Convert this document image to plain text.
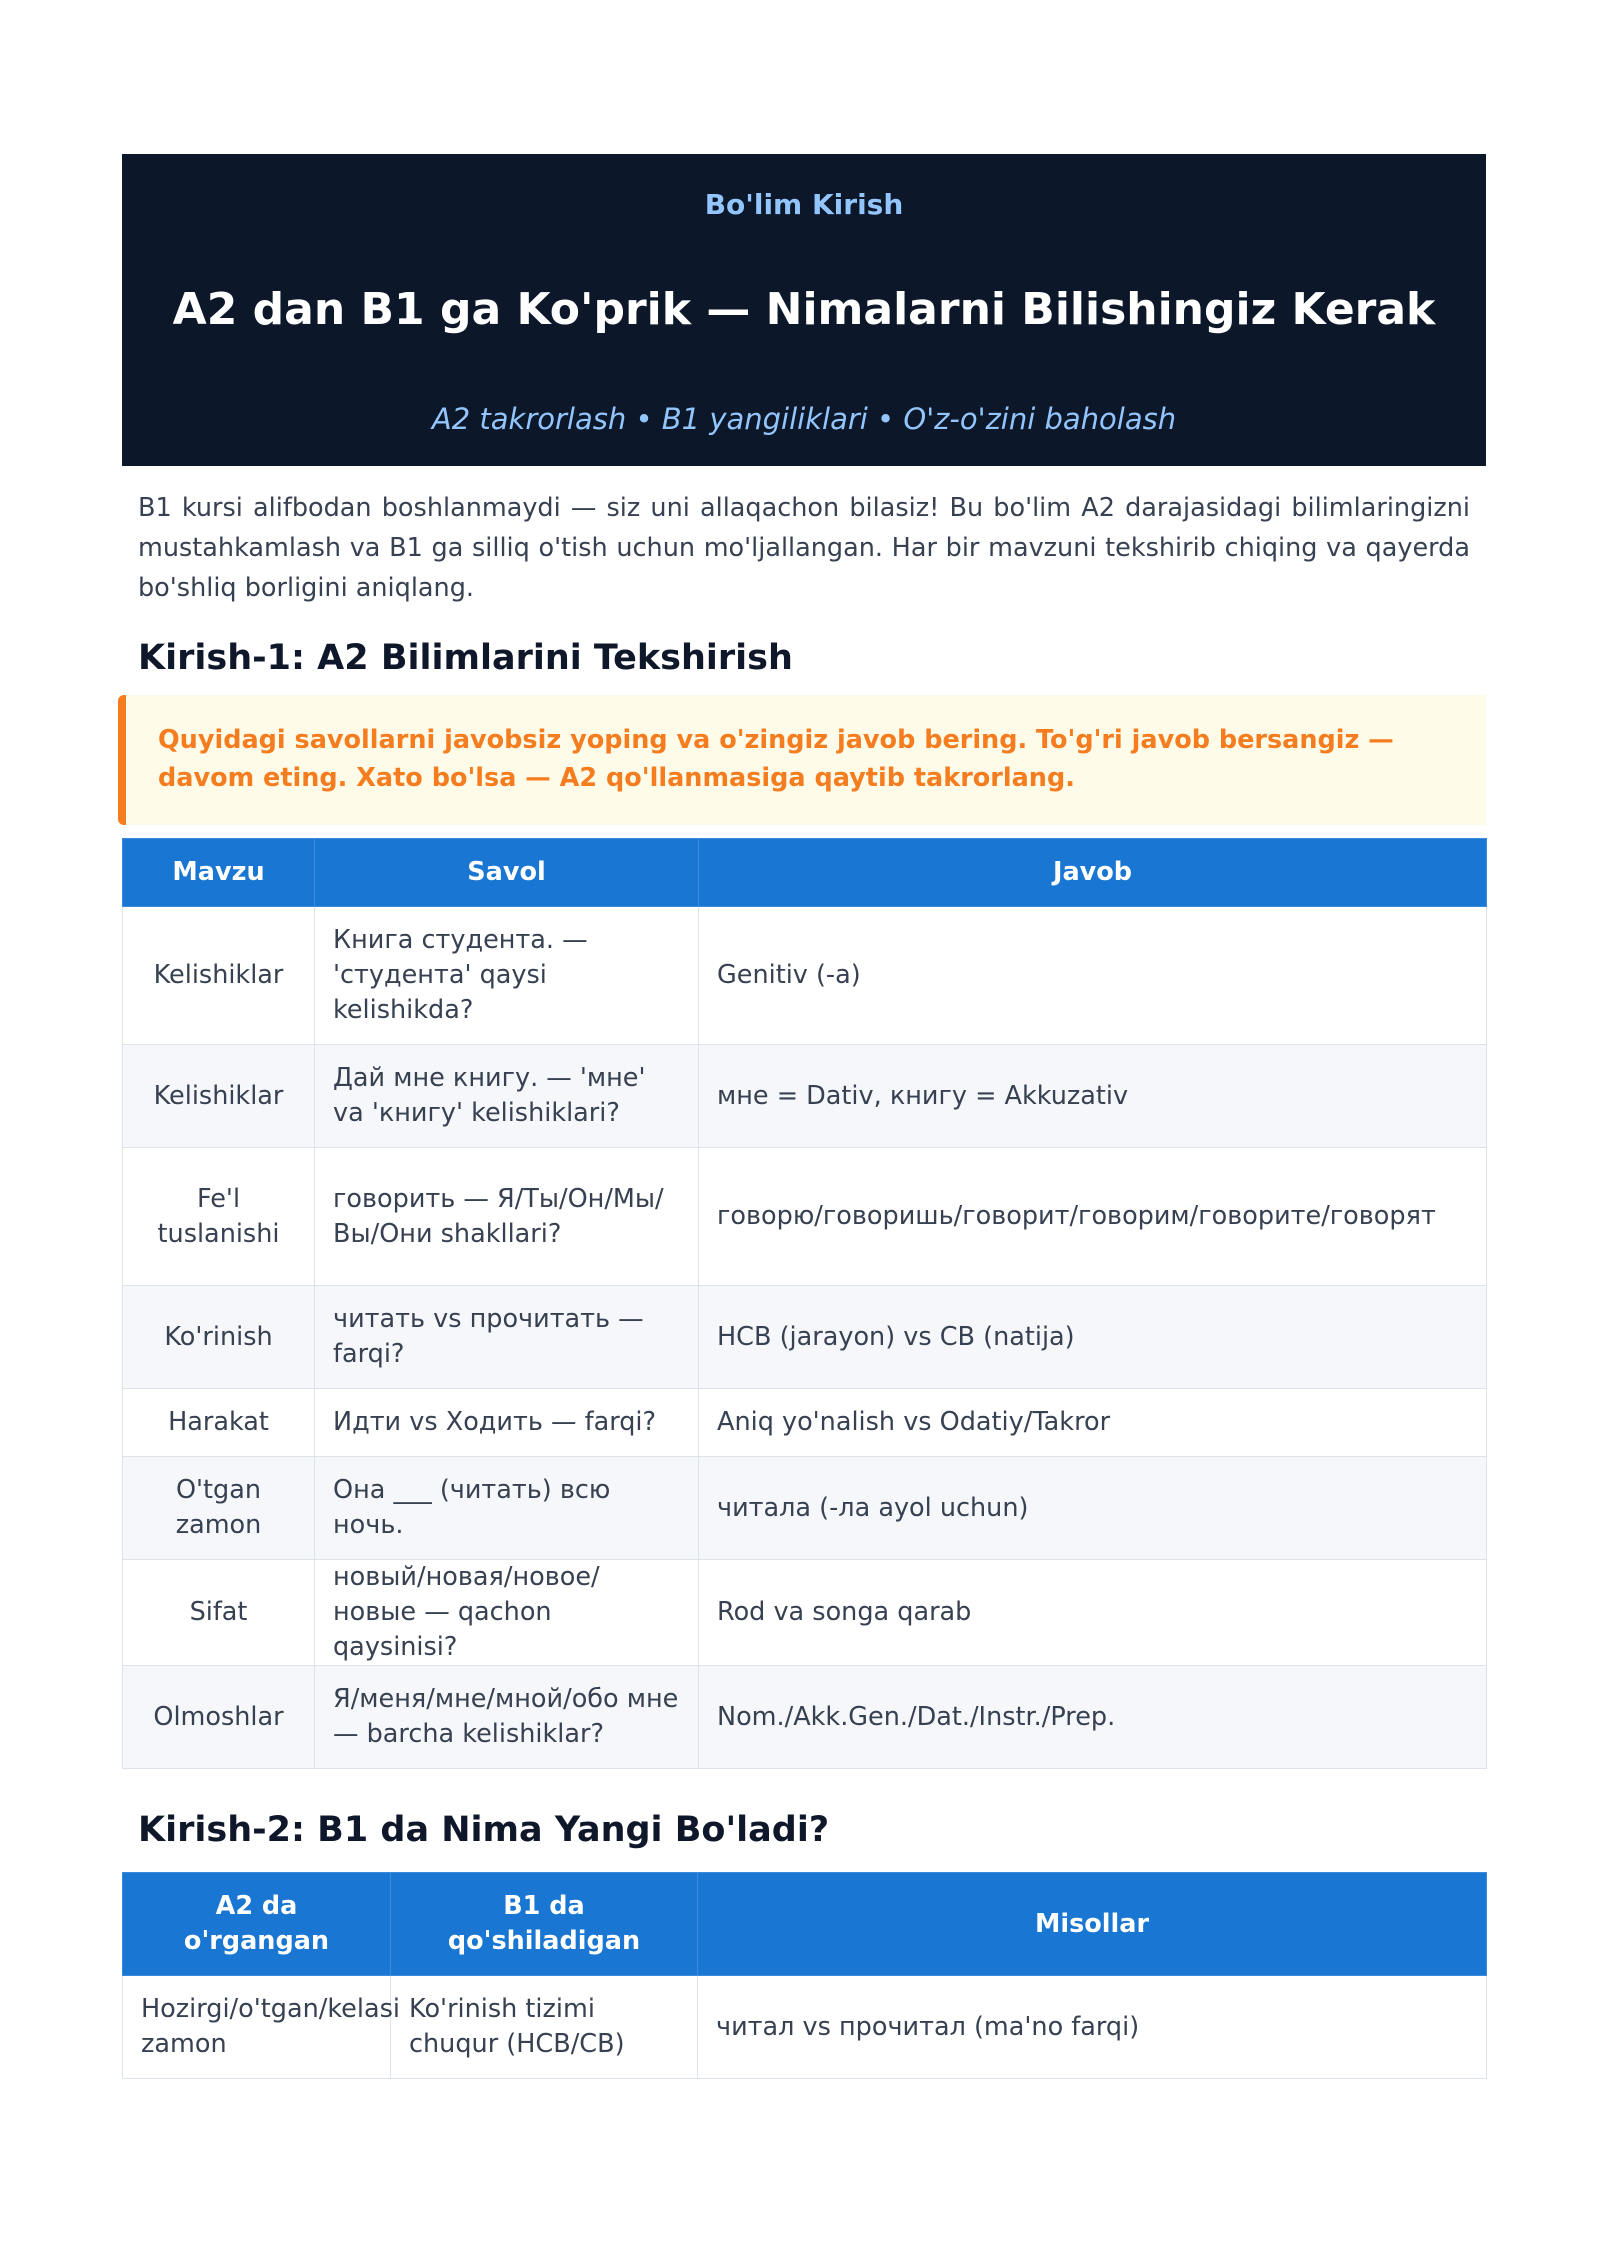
Bo'lim Kirish
A2 dan B1 ga Ko'prik — Nimalarni Bilishingiz Kerak
A2 takrorlash • B1 yangiliklari • O'z-o'zini baholash

B1 kursi alifbodan boshlanmaydi — siz uni allaqachon bilasiz! Bu bo'lim A2 darajasidagi bilimlaringizni mustahkamlash va B1 ga silliq o'tish uchun mo'ljallangan. Har bir mavzuni tekshirib chiqing va qayerda bo'shliq borligini aniqlang.

Kirish-1: A2 Bilimlarini Tekshirish
Quyidagi savollarni javobsiz yoping va o'zingiz javob bering. To'g'ri javob bersangiz — davom eting. Xato bo'lsa — A2 qo'llanmasiga qaytib takrorlang.
Mavzu	Savol	Javob
Kelishiklar	Книга студента. — 'студента' qaysi kelishikda?	Genitiv (-а)
Kelishiklar	Дай мне книгу. — 'мне' va 'книгу' kelishiklari?	мне = Dativ, книгу = Akkuzativ
Fe'l tuslanishi	говорить — Я/Ты/Он/Мы/Вы/Они shakllari?	говорю/говоришь/говорит/говорим/говорите/говорят
Ko'rinish	читать vs прочитать — farqi?	НСВ (jarayon) vs СВ (natija)
Harakat	Идти vs Ходить — farqi?	Aniq yo'nalish vs Odatiy/Takror
O'tgan zamon	Она ___ (читать) всю ночь.	читала (-ла ayol uchun)
Sifat	новый/новая/новое/новые — qachon qaysinisi?	Rod va songa qarab
Olmoshlar	Я/меня/мне/мной/обо мне — barcha kelishiklar?	Nom./Akk.Gen./Dat./Instr./Prep.
Kirish-2: B1 da Nima Yangi Bo'ladi?
A2 da o'rgangan	B1 da qo'shiladigan	Misollar
Hozirgi/o'tgan/kelasi zamon	Ko'rinish tizimi chuqur (НСВ/СВ)	читал vs прочитал (ma'no farqi)
